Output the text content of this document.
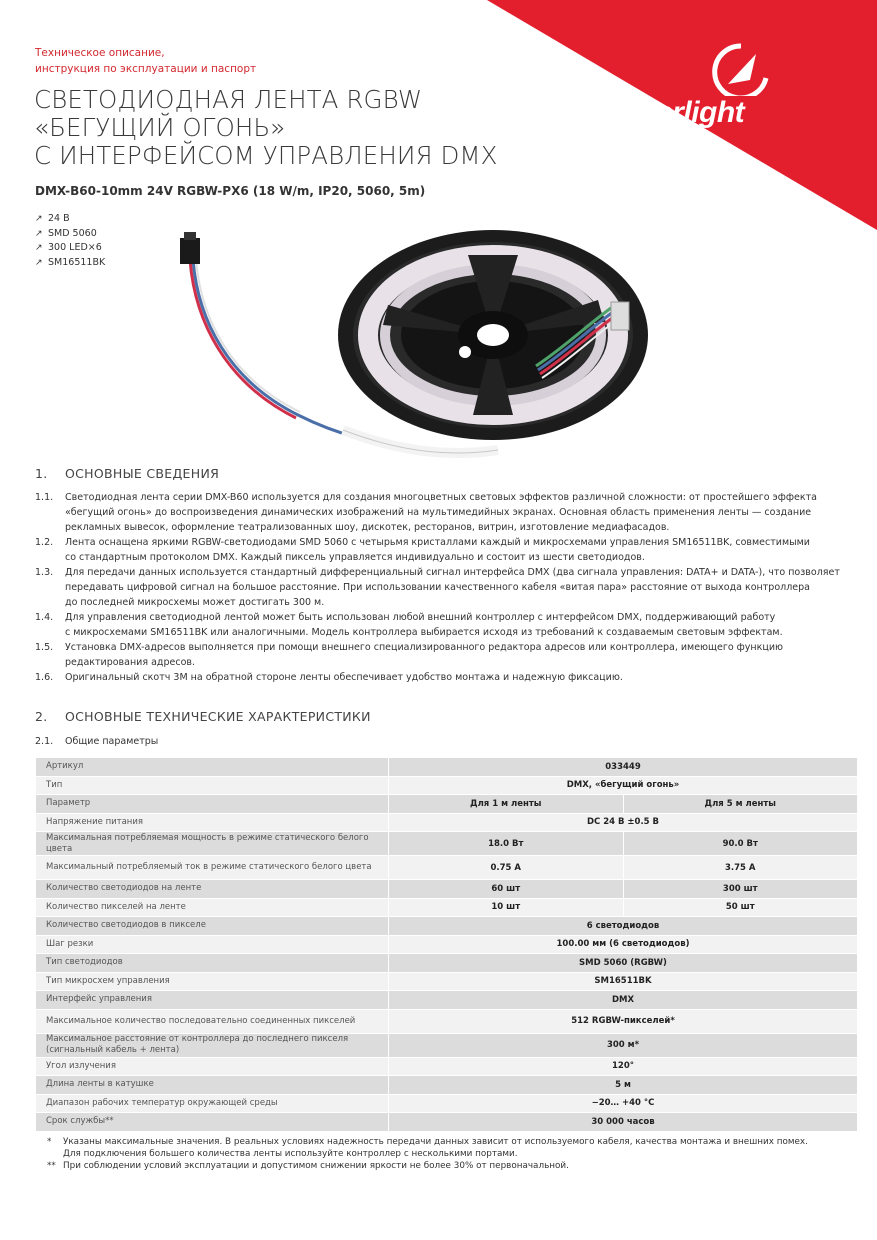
arlight
Техническое описание,
инструкция по эксплуатации и паспорт
СВЕТОДИОДНАЯ ЛЕНТА RGBW
«БЕГУЩИЙ ОГОНЬ»
С ИНТЕРФЕЙСОМ УПРАВЛЕНИЯ DMX
DMX-B60-10mm 24V RGBW-PX6 (18 W/m, IP20, 5060, 5m)
↗ 24 В
↗ SMD 5060
↗ 300 LED×6
↗ SM16511BK
1. ОСНОВНЫЕ СВЕДЕНИЯ
1.1.	Светодиодная лента серии DMX-B60 используется для создания многоцветных световых эффектов различной сложности: от простейшего эффекта
«бегущий огонь» до воспроизведения динамических изображений на мультимедийных экранах. Основная область применения ленты — создание
рекламных вывесок, оформление театрализованных шоу, дискотек, ресторанов, витрин, изготовление медиафасадов.
1.2.	Лента оснащена яркими RGBW-светодиодами SMD 5060 с четырьмя кристаллами каждый и микросхемами управления SM16511BK, совместимыми
со стандартным протоколом DMX. Каждый пиксель управляется индивидуально и состоит из шести светодиодов.
1.3.	Для передачи данных используется стандартный дифференциальный сигнал интерфейса DMX (два сигнала управления: DATA+ и DATA-), что позволяет
передавать цифровой сигнал на большое расстояние. При использовании качественного кабеля «витая пара» расстояние от выхода контроллера
до последней микросхемы может достигать 300 м.
1.4.	Для управления светодиодной лентой может быть использован любой внешний контроллер с интерфейсом DMX, поддерживающий работу
с микросхемами SM16511BK или аналогичными. Модель контроллера выбирается исходя из требований к создаваемым световым эффектам.
1.5.	Установка DMX-адресов выполняется при помощи внешнего специализированного редактора адресов или контроллера, имеющего функцию
редактирования адресов.
1.6.	Оригинальный скотч 3М на обратной стороне ленты обеспечивает удобство монтажа и надежную фиксацию.
2. ОСНОВНЫЕ ТЕХНИЧЕСКИЕ ХАРАКТЕРИСТИКИ
2.1. Общие параметры
Артикул	033449	
Тип	DMX, «бегущий огонь»	
Параметр	Для 1 м ленты	Для 5 м ленты
Напряжение питания	DC 24 В ±0.5 В	
Максимальная потребляемая мощность в режиме статического белого цвета	18.0 Вт	90.0 Вт
Максимальный потребляемый ток в режиме статического белого цвета	0.75 А	3.75 А
Количество светодиодов на ленте	60 шт	300 шт
Количество пикселей на ленте	10 шт	50 шт
Количество светодиодов в пикселе	6 светодиодов	
Шаг резки	100.00 мм (6 светодиодов)	
Тип светодиодов	SMD 5060 (RGBW)	
Тип микросхем управления	SM16511BK	
Интерфейс управления	DMX	
Максимальное количество последовательно соединенных пикселей	512 RGBW-пикселей*	
Максимальное расстояние от контроллера до последнего пикселя (сигнальный кабель + лента)	300 м*	
Угол излучения	120°	
Длина ленты в катушке	5 м	
Диапазон рабочих температур окружающей среды	−20… +40 °C	
Срок службы**	30 000 часов	
*	Указаны максимальные значения. В реальных условиях надежность передачи данных зависит от используемого кабеля, качества монтажа и внешних помех.
Для подключения большего количества ленты используйте контроллер с несколькими портами.
** При соблюдении условий эксплуатации и допустимом снижении яркости не более 30% от первоначальной.
